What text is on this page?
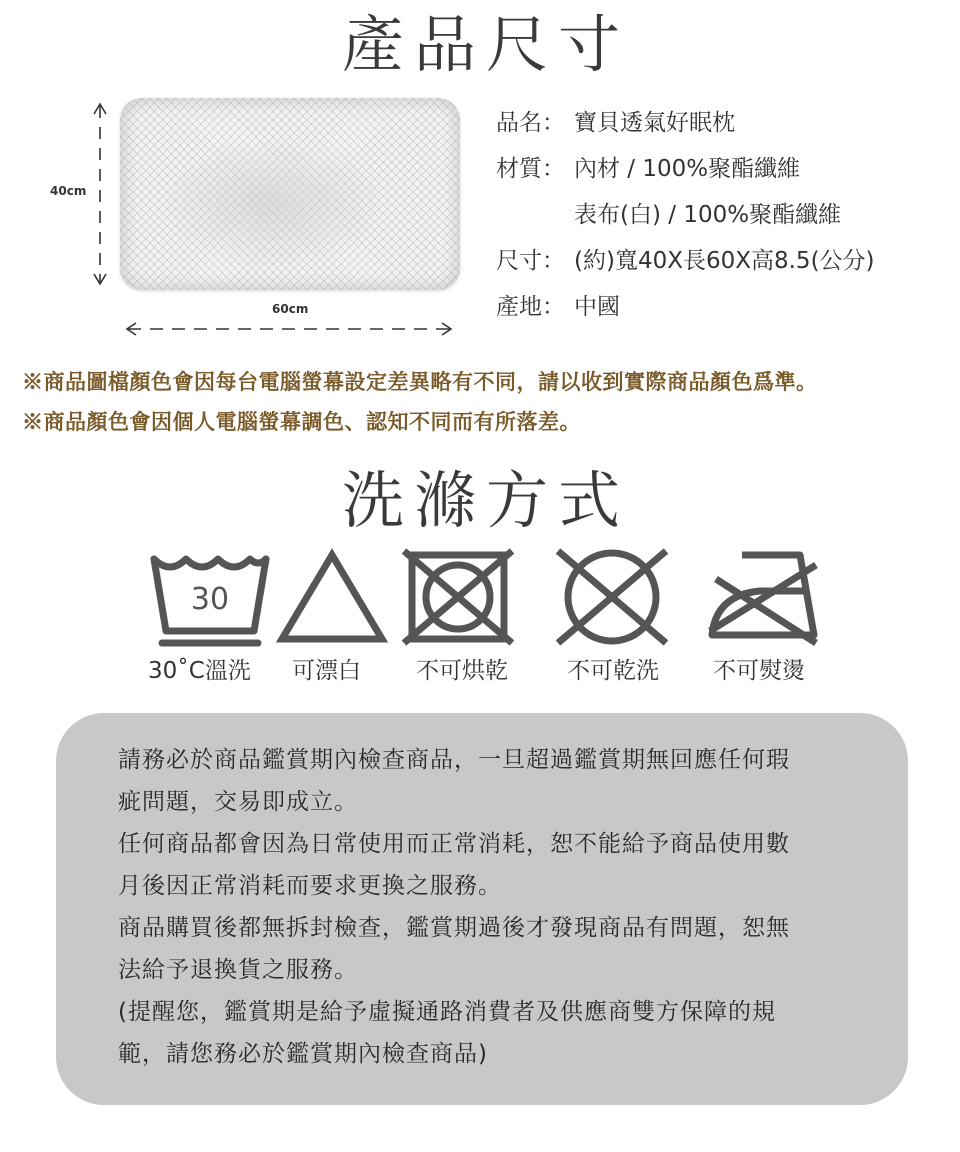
產品尺寸
40cm
60cm
品名： 寶貝透氣好眠枕
材質： 內材 / 100%聚酯纖維
表布(白) / 100%聚酯纖維
尺寸： (約)寬40X長60X高8.5(公分)
產地： 中國
※商品圖檔顏色會因每台電腦螢幕設定差異略有不同，請以收到實際商品顏色爲準。
※商品顏色會因個人電腦螢幕調色、認知不同而有所落差。
洗滌方式
30
30˚C溫洗 可漂白 不可烘乾	不可乾洗 不可熨燙
請務必於商品鑑賞期內檢查商品，一旦超過鑑賞期無回應任何瑕
疵問題，交易即成立。
任何商品都會因為日常使用而正常消耗，恕不能給予商品使用數
月後因正常消耗而要求更換之服務。
商品購買後都無拆封檢查，鑑賞期過後才發現商品有問題，恕無
法給予退換貨之服務。
(提醒您，鑑賞期是給予虛擬通路消費者及供應商雙方保障的規
範，請您務必於鑑賞期內檢查商品)
